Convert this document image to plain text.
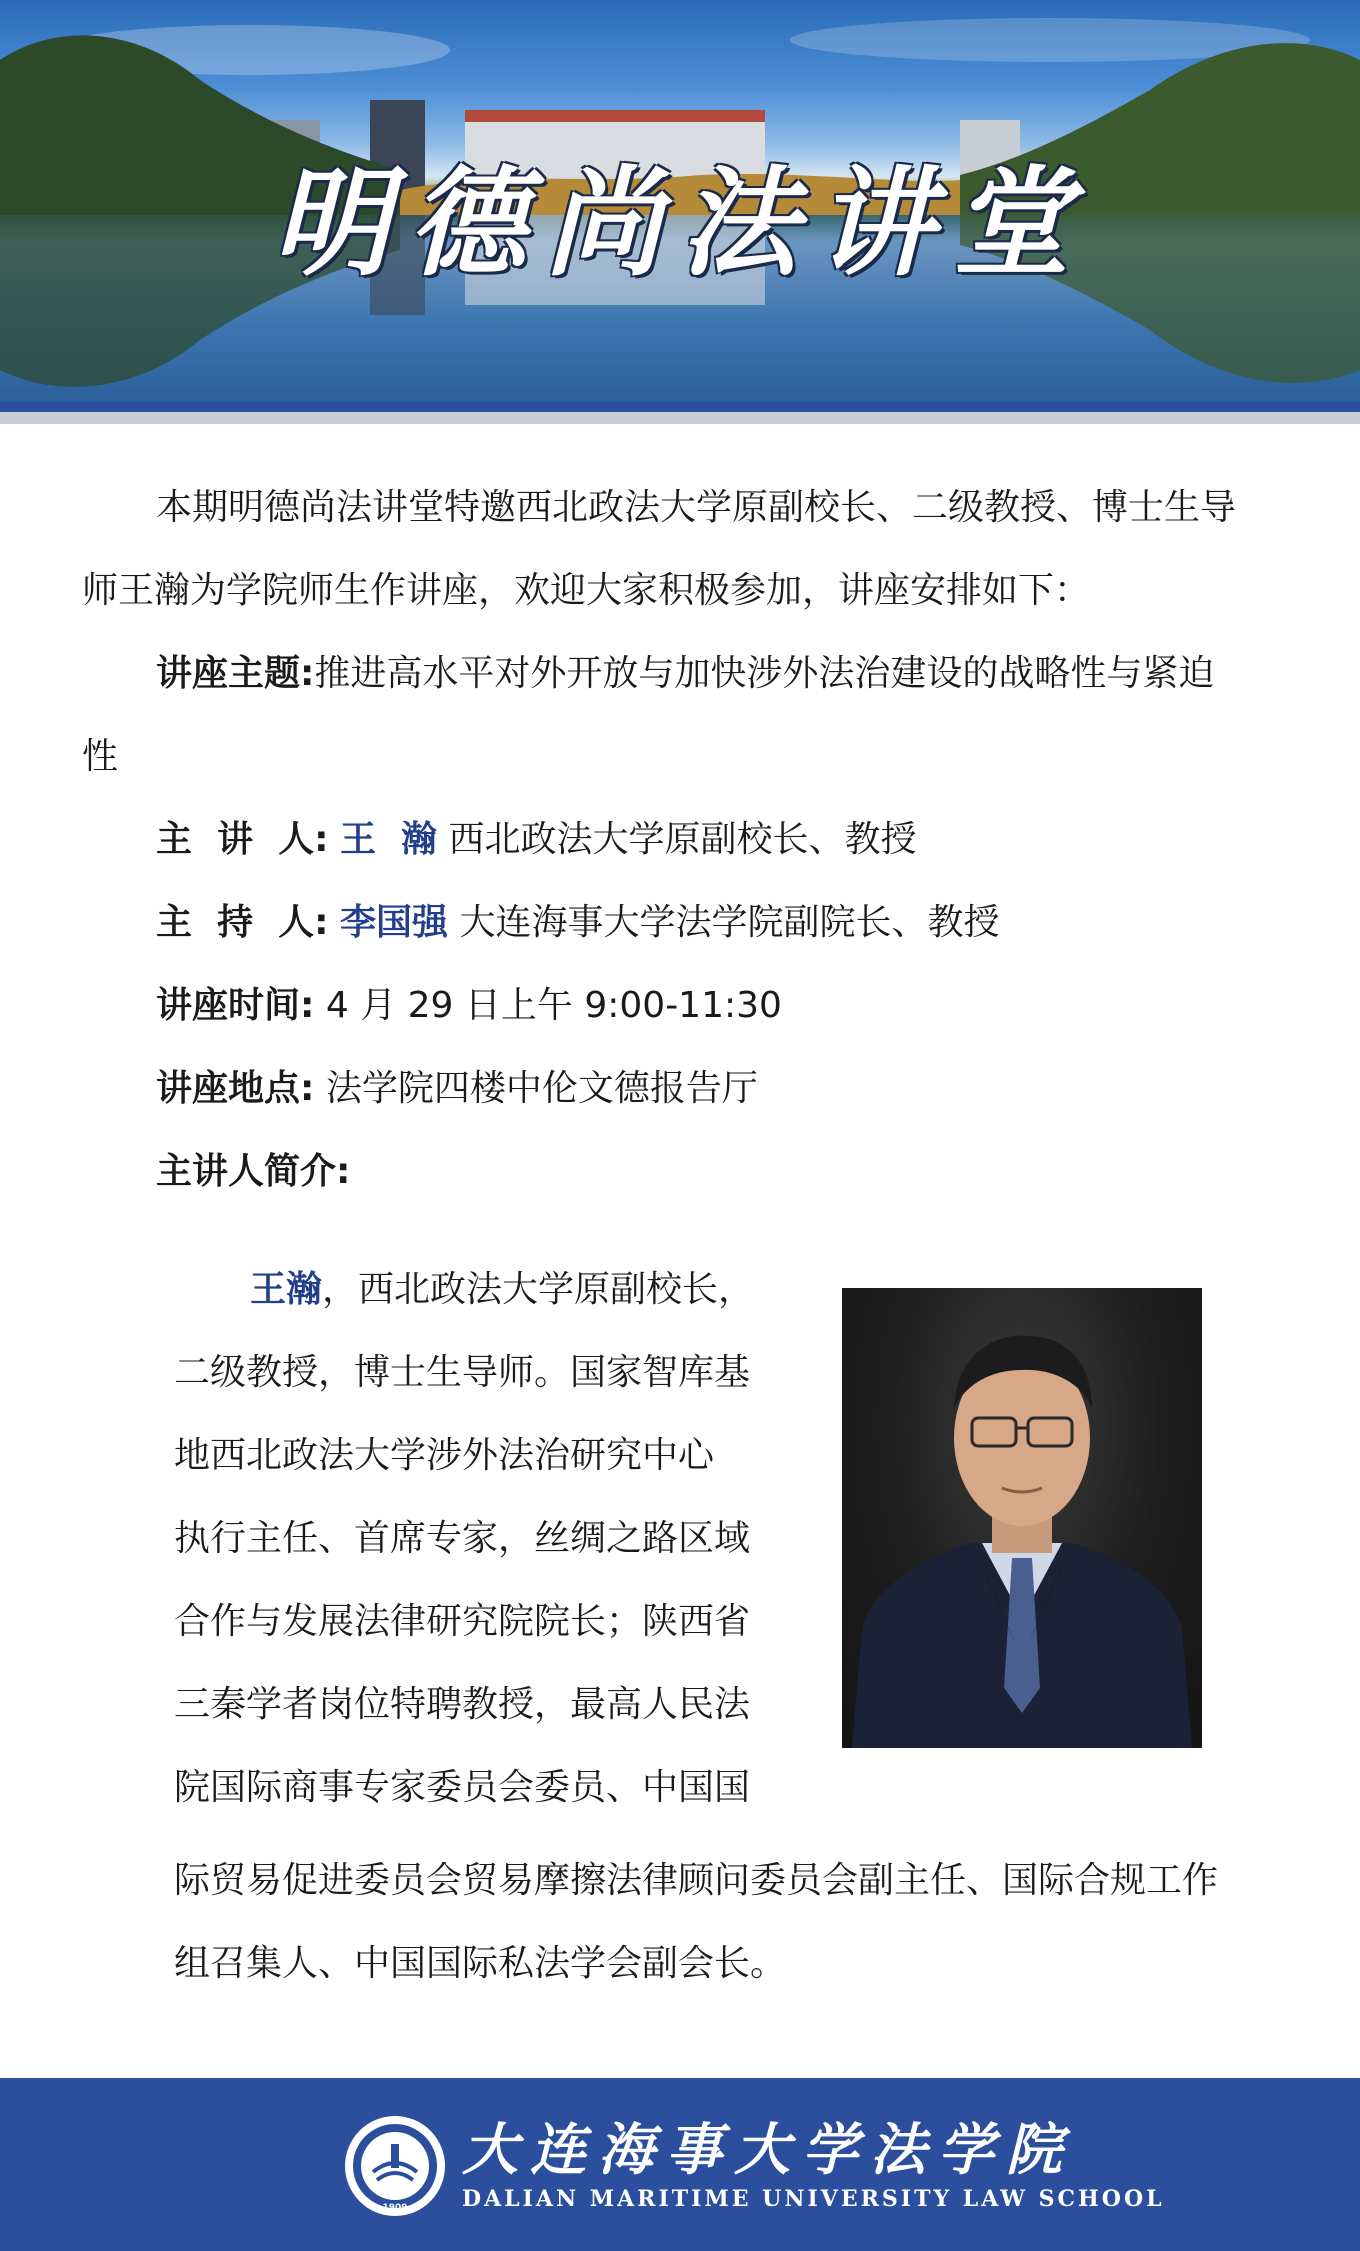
明德尚法讲堂
本期明德尚法讲堂特邀西北政法大学原副校长、二级教授、博士生导
师王瀚为学院师生作讲座，欢迎大家积极参加，讲座安排如下：
讲座主题:推进高水平对外开放与加快涉外法治建设的战略性与紧迫
性
主  讲  人: 王  瀚 西北政法大学原副校长、教授
主  持  人: 李国强 大连海事大学法学院副院长、教授
讲座时间: 4 月 29 日上午 9:00-11:30
讲座地点: 法学院四楼中伦文德报告厅
主讲人简介:
王瀚，西北政法大学原副校长，
二级教授，博士生导师。国家智库基
地西北政法大学涉外法治研究中心
执行主任、首席专家，丝绸之路区域
合作与发展法律研究院院长；陕西省
三秦学者岗位特聘教授，最高人民法
院国际商事专家委员会委员、中国国
际贸易促进委员会贸易摩擦法律顾问委员会副主任、国际合规工作
组召集人、中国国际私法学会副会长。
1909
大连海事大学法学院
DALIAN MARITIME UNIVERSITY LAW SCHOOL
